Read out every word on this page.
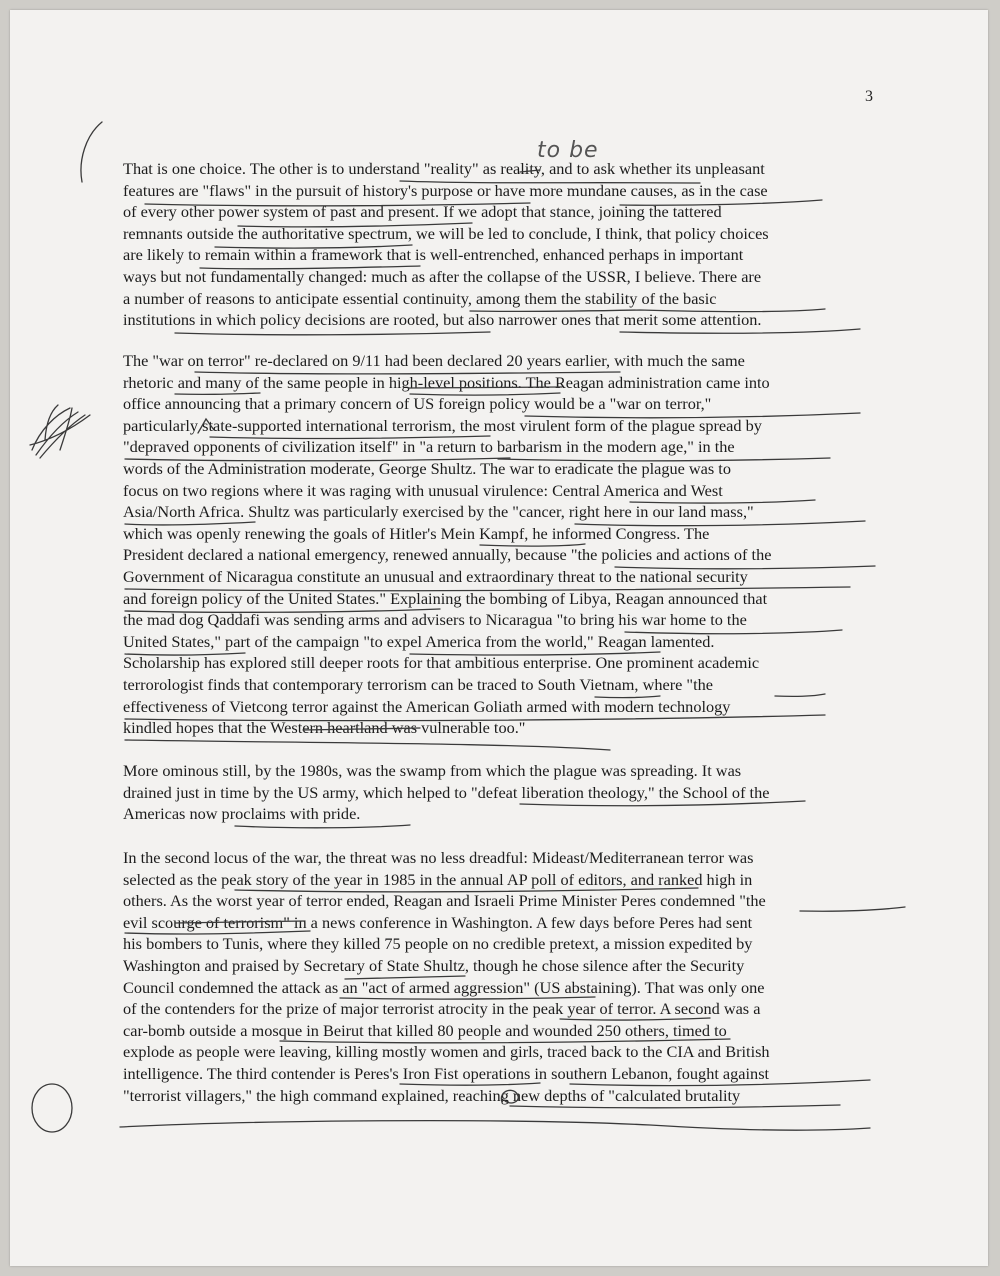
3
to be
That is one choice. The other is to understand "reality" as reality, and to ask whether its unpleasant
features are "flaws" in the pursuit of history's purpose or have more mundane causes, as in the case
of every other power system of past and present. If we adopt that stance, joining the tattered
remnants outside the authoritative spectrum, we will be led to conclude, I think, that policy choices
are likely to remain within a framework that is well-entrenched, enhanced perhaps in important
ways but not fundamentally changed: much as after the collapse of the USSR, I believe. There are
a number of reasons to anticipate essential continuity, among them the stability of the basic
institutions in which policy decisions are rooted, but also narrower ones that merit some attention.
The "war on terror" re-declared on 9/11 had been declared 20 years earlier, with much the same
rhetoric and many of the same people in high-level positions. The Reagan administration came into
office announcing that a primary concern of US foreign policy would be a "war on terror,"
particularly state-supported international terrorism, the most virulent form of the plague spread by
"depraved opponents of civilization itself" in "a return to barbarism in the modern age," in the
words of the Administration moderate, George Shultz. The war to eradicate the plague was to
focus on two regions where it was raging with unusual virulence: Central America and West
Asia/North Africa. Shultz was particularly exercised by the "cancer, right here in our land mass,"
which was openly renewing the goals of Hitler's Mein Kampf, he informed Congress. The
President declared a national emergency, renewed annually, because "the policies and actions of the
Government of Nicaragua constitute an unusual and extraordinary threat to the national security
and foreign policy of the United States." Explaining the bombing of Libya, Reagan announced that
the mad dog Qaddafi was sending arms and advisers to Nicaragua "to bring his war home to the
United States," part of the campaign "to expel America from the world," Reagan lamented.
Scholarship has explored still deeper roots for that ambitious enterprise. One prominent academic
terrorologist finds that contemporary terrorism can be traced to South Vietnam, where "the
effectiveness of Vietcong terror against the American Goliath armed with modern technology
kindled hopes that the Western heartland was vulnerable too."
More ominous still, by the 1980s, was the swamp from which the plague was spreading. It was
drained just in time by the US army, which helped to "defeat liberation theology," the School of the
Americas now proclaims with pride.
In the second locus of the war, the threat was no less dreadful: Mideast/Mediterranean terror was
selected as the peak story of the year in 1985 in the annual AP poll of editors, and ranked high in
others. As the worst year of terror ended, Reagan and Israeli Prime Minister Peres condemned "the
evil scourge of terrorism" in a news conference in Washington. A few days before Peres had sent
his bombers to Tunis, where they killed 75 people on no credible pretext, a mission expedited by
Washington and praised by Secretary of State Shultz, though he chose silence after the Security
Council condemned the attack as an "act of armed aggression" (US abstaining). That was only one
of the contenders for the prize of major terrorist atrocity in the peak year of terror. A second was a
car-bomb outside a mosque in Beirut that killed 80 people and wounded 250 others, timed to
explode as people were leaving, killing mostly women and girls, traced back to the CIA and British
intelligence. The third contender is Peres's Iron Fist operations in southern Lebanon, fought against
"terrorist villagers," the high command explained, reaching new depths of "calculated brutality
